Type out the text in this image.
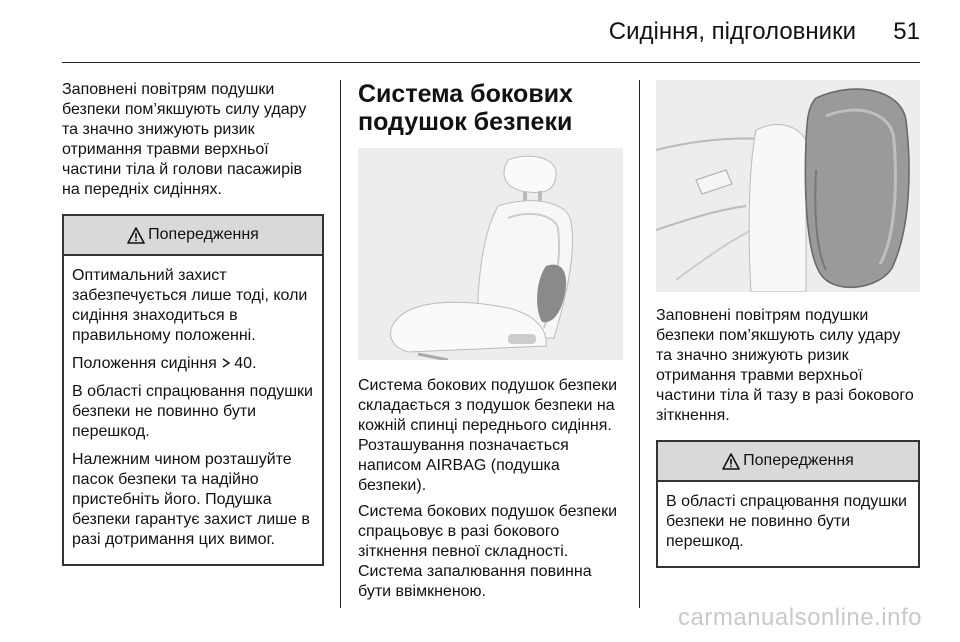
Сидіння, підголовники 51

Заповнені повітрям подушки безпеки пом’якшують силу удару та значно знижують ризик отримання травми верхньої частини тіла й голови пасажирів на передніх сидіннях.

Попередження

Оптимальний захист забезпечується лише тоді, коли сидіння знаходиться в правильному положенні.

Положення сидіння 40.

В області спрацювання подушки безпеки не повинно бути перешкод.

Належним чином розташуйте пасок безпеки та надійно пристебніть його. Подушка безпеки гарантує захист лише в разі дотримання цих вимог.

Система бокових подушок безпеки

Система бокових подушок безпеки складається з подушок безпеки на кожній спинці переднього сидіння. Розташування позначається написом AIRBAG (подушка безпеки).

Система бокових подушок безпеки спрацьовує в разі бокового зіткнення певної складності. Система запалювання повинна бути ввімкненою.

Заповнені повітрям подушки безпеки пом’якшують силу удару та значно знижують ризик отримання травми верхньої частини тіла й тазу в разі бокового зіткнення.

Попередження

В області спрацювання подушки безпеки не повинно бути перешкод.

carmanualsonline.info
